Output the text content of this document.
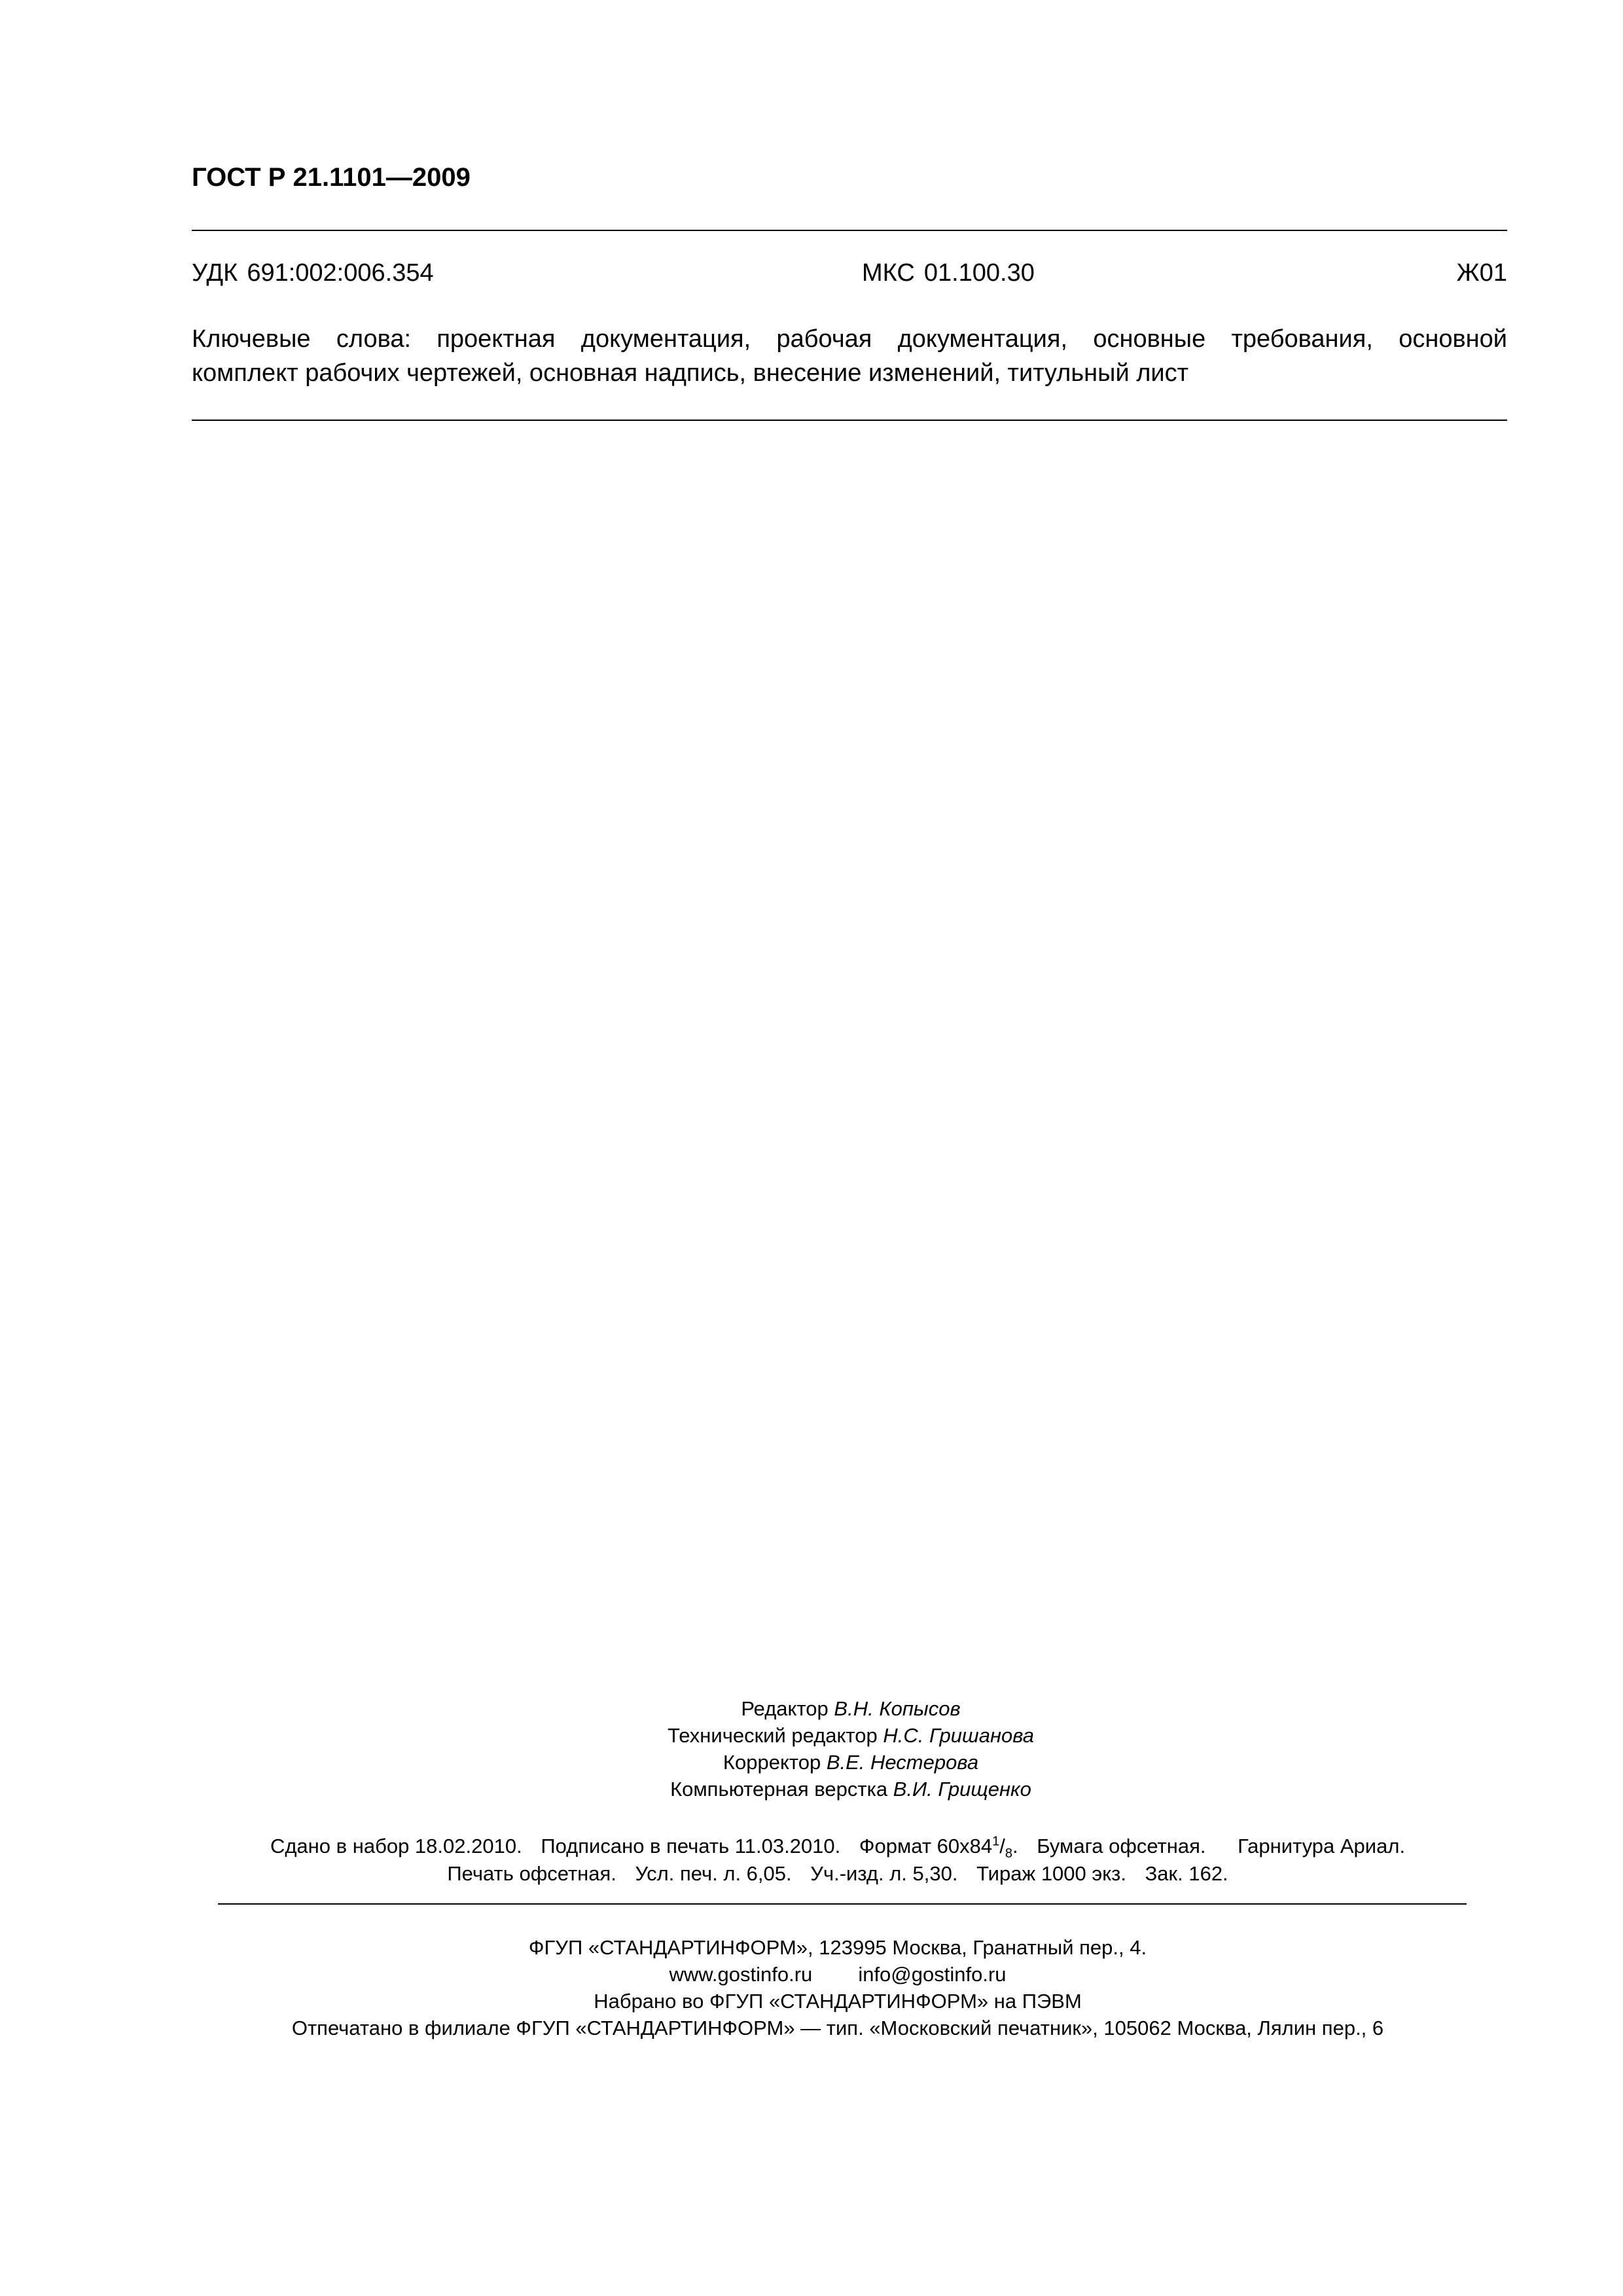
ГОСТ Р 21.1101—2009
УДК 691:002:006.354	МКС 01.100.30	Ж01
Ключевые слова: проектная документация, рабочая документация, основные требования, основной
комплект рабочих чертежей, основная надпись, внесение изменений, титульный лист
Редактор В.Н. Копысов
Технический редактор Н.С. Гришанова
Корректор В.Е. Нестерова
Компьютерная верстка В.И. Грищенко
Сдано в набор 18.02.2010. Подписано в печать 11.03.2010. Формат $60х84^1/_8$. Бумага офсетная. Гарнитура Ариал.
Печать офсетная. Усл. печ. л. 6,05. Уч.-изд. л. 5,30. Тираж 1000 экз. Зак. 162.
ФГУП «СТАНДАРТИНФОРМ», 123995 Москва, Гранатный пер., 4.
www.gostinfo.ru info@gostinfo.ru
Набрано во ФГУП «СТАНДАРТИНФОРМ» на ПЭВМ
Отпечатано в филиале ФГУП «СТАНДАРТИНФОРМ» — тип. «Московский печатник», 105062 Москва, Лялин пер., 6
